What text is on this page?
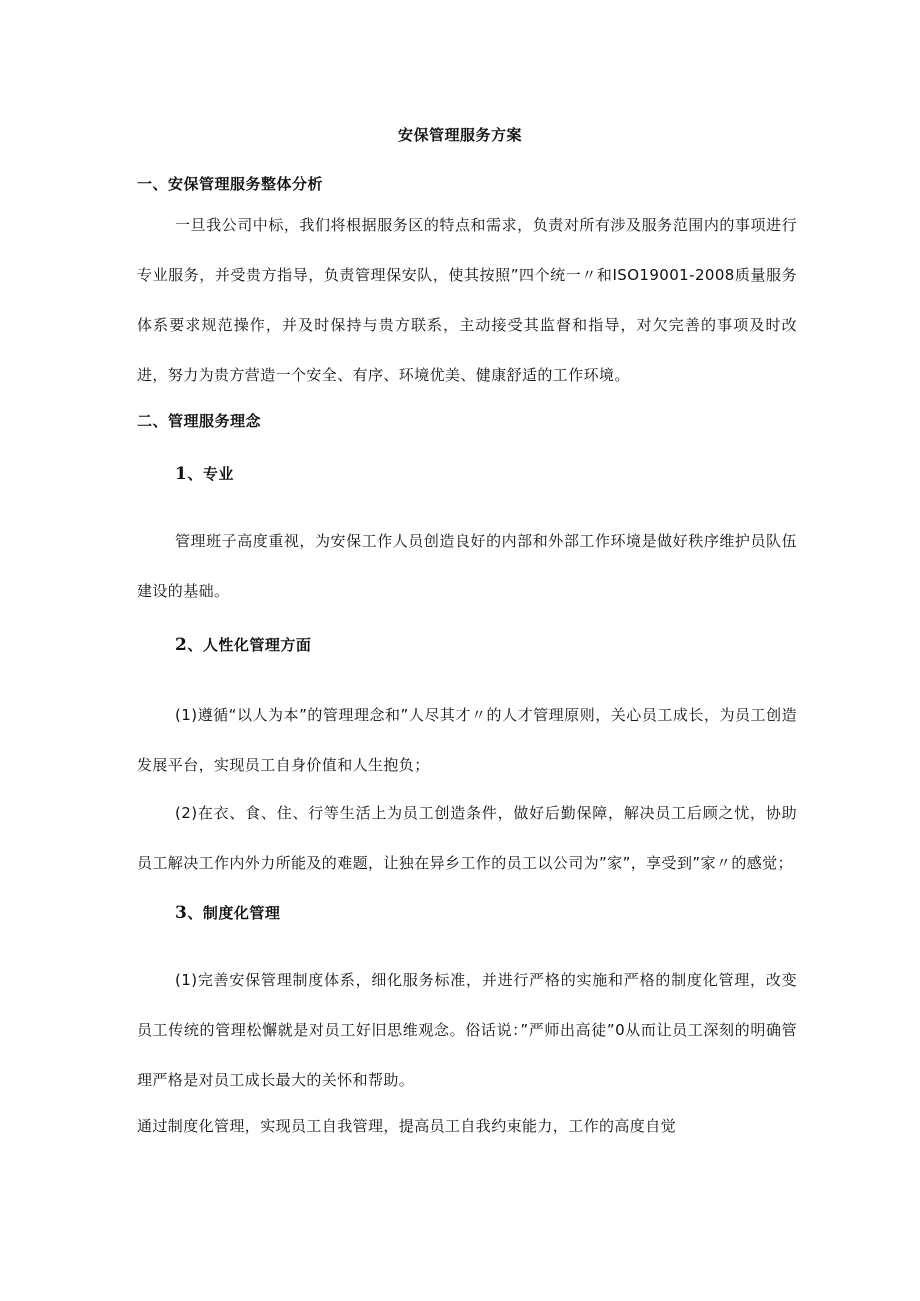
安保管理服务方案
一、安保管理服务整体分析

一旦我公司中标，我们将根据服务区的特点和需求，负责对所有涉及服务范围内的事项进行专业服务，并受贵方指导，负责管理保安队，使其按照”四个统一〃和ISO19001-2008质量服务体系要求规范操作，并及时保持与贵方联系，主动接受其监督和指导，对欠完善的事项及时改进，努力为贵方营造一个安全、有序、环境优美、健康舒适的工作环境。

二、管理服务理念
1、专业

管理班子高度重视，为安保工作人员创造良好的内部和外部工作环境是做好秩序维护员队伍建设的基础。

2、人性化管理方面

(1)遵循“以人为本”的管理理念和”人尽其才〃的人才管理原则，关心员工成长，为员工创造发展平台，实现员工自身价值和人生抱负；

(2)在衣、食、住、行等生活上为员工创造条件，做好后勤保障，解决员工后顾之忧，协助员工解决工作内外力所能及的难题，让独在异乡工作的员工以公司为”家”，享受到”家〃的感觉；

3、制度化管理

(1)完善安保管理制度体系，细化服务标准，并进行严格的实施和严格的制度化管理，改变员工传统的管理松懈就是对员工好旧思维观念。俗话说：”严师出高徒”0从而让员工深刻的明确管理严格是对员工成长最大的关怀和帮助。

通过制度化管理，实现员工自我管理，提高员工自我约束能力，工作的高度自觉
